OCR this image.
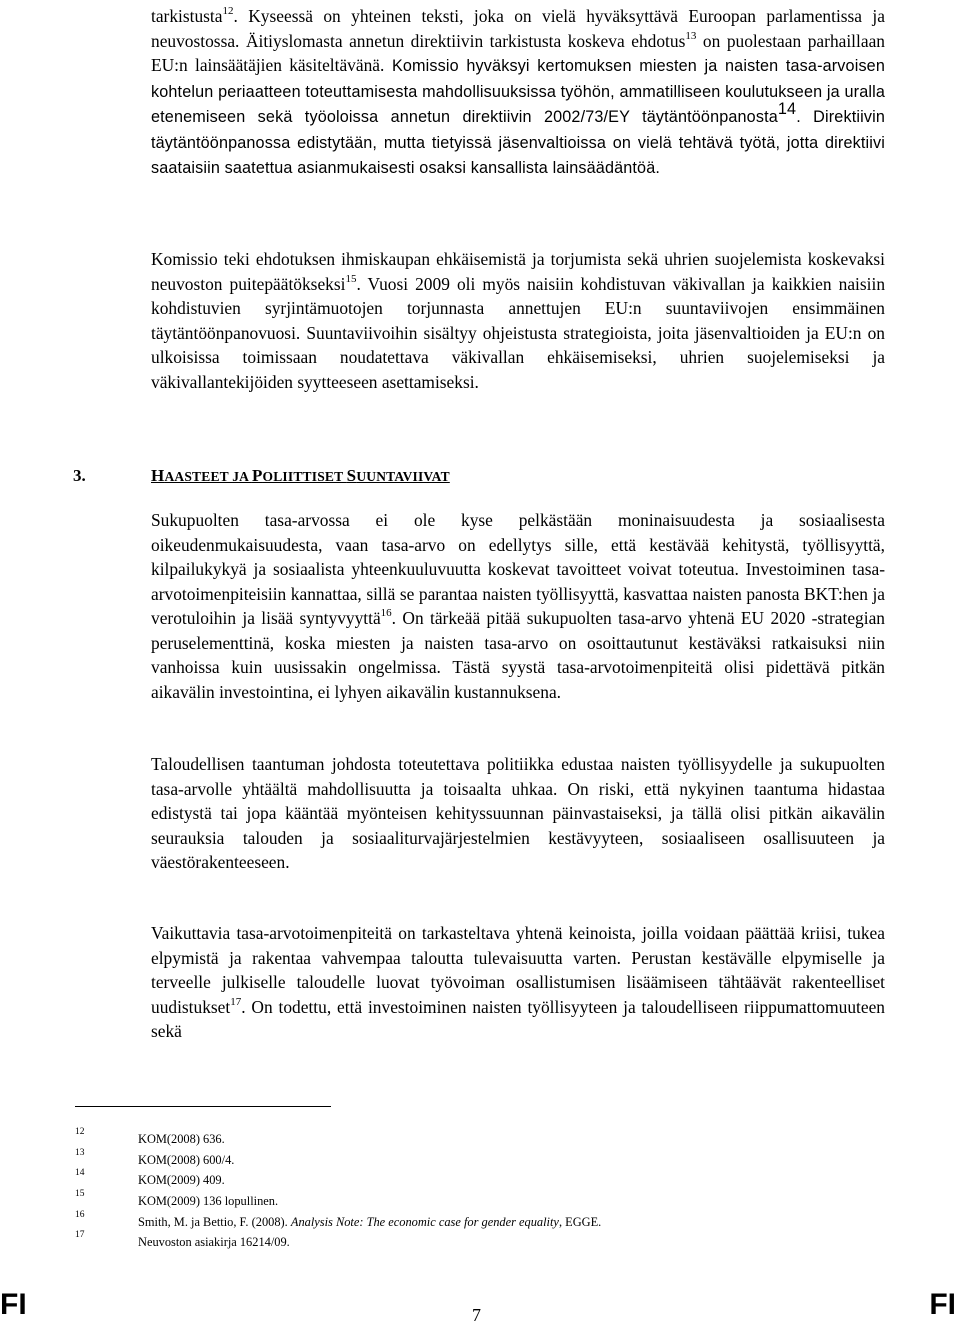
tarkistusta$^{12}$. Kyseessä on yhteinen teksti, joka on vielä hyväksyttävä Euroopan parlamentissa ja neuvostossa. Äitiyslomasta annetun direktiivin tarkistusta koskeva ehdotus$^{13}$ on puolestaan parhaillaan EU:n lainsäätäjien käsiteltävänä. Komissio hyväksyi kertomuksen miesten ja naisten tasa-arvoisen kohtelun periaatteen toteuttamisesta mahdollisuuksissa työhön, ammatilliseen koulutukseen ja uralla etenemiseen sekä työoloissa annetun direktiivin 2002/73/EY täytäntöönpanosta$^{14}$. Direktiivin täytäntöönpanossa edistytään, mutta tietyissä jäsenvaltioissa on vielä tehtävä työtä, jotta direktiivi saataisiin saatettua asianmukaisesti osaksi kansallista lainsäädäntöä.

Komissio teki ehdotuksen ihmiskaupan ehkäisemistä ja torjumista sekä uhrien suojelemista koskevaksi neuvoston puitepäätökseksi$^{15}$. Vuosi 2009 oli myös naisiin kohdistuvan väkivallan ja kaikkien naisiin kohdistuvien syrjintämuotojen torjunnasta annettujen EU:n suuntaviivojen ensimmäinen täytäntöönpanovuosi. Suuntaviivoihin sisältyy ohjeistusta strategioista, joita jäsenvaltioiden ja EU:n on ulkoisissa toimissaan noudatettava väkivallan ehkäisemiseksi, uhrien suojelemiseksi ja väkivallantekijöiden syytteeseen asettamiseksi.

3.	HAASTEET JA POLIITTISET SUUNTAVIIVAT

Sukupuolten tasa-arvossa ei ole kyse pelkästään moninaisuudesta ja sosiaalisesta oikeudenmukaisuudesta, vaan tasa-arvo on edellytys sille, että kestävää kehitystä, työllisyyttä, kilpailukykyä ja sosiaalista yhteenkuuluvuutta koskevat tavoitteet voivat toteutua. Investoiminen tasa-arvotoimenpiteisiin kannattaa, sillä se parantaa naisten työllisyyttä, kasvattaa naisten panosta BKT:hen ja verotuloihin ja lisää syntyvyyttä$^{16}$. On tärkeää pitää sukupuolten tasa-arvo yhtenä EU 2020 -strategian peruselementtinä, koska miesten ja naisten tasa-arvo on osoittautunut kestäväksi ratkaisuksi niin vanhoissa kuin uusissakin ongelmissa. Tästä syystä tasa-arvotoimenpiteitä olisi pidettävä pitkän aikavälin investointina, ei lyhyen aikavälin kustannuksena.

Taloudellisen taantuman johdosta toteutettava politiikka edustaa naisten työllisyydelle ja sukupuolten tasa-arvolle yhtäältä mahdollisuutta ja toisaalta uhkaa. On riski, että nykyinen taantuma hidastaa edistystä tai jopa kääntää myönteisen kehityssuunnan päinvastaiseksi, ja tällä olisi pitkän aikavälin seurauksia talouden ja sosiaaliturvajärjestelmien kestävyyteen, sosiaaliseen osallisuuteen ja väestörakenteeseen.

Vaikuttavia tasa-arvotoimenpiteitä on tarkasteltava yhtenä keinoista, joilla voidaan päättää kriisi, tukea elpymistä ja rakentaa vahvempaa taloutta tulevaisuutta varten. Perustan kestävälle elpymiselle ja terveelle julkiselle taloudelle luovat työvoiman osallistumisen lisäämiseen tähtäävät rakenteelliset uudistukset$^{17}$. On todettu, että investoiminen naisten työllisyyteen ja taloudelliseen riippumattomuuteen sekä

12	KOM(2008) 636.
13	KOM(2008) 600/4.
14	KOM(2009) 409.
15	KOM(2009) 136 lopullinen.
16	Smith, M. ja Bettio, F. (2008). Analysis Note: The economic case for gender equality, EGGE.
17	Neuvoston asiakirja 16214/09.
FI	7	FI
